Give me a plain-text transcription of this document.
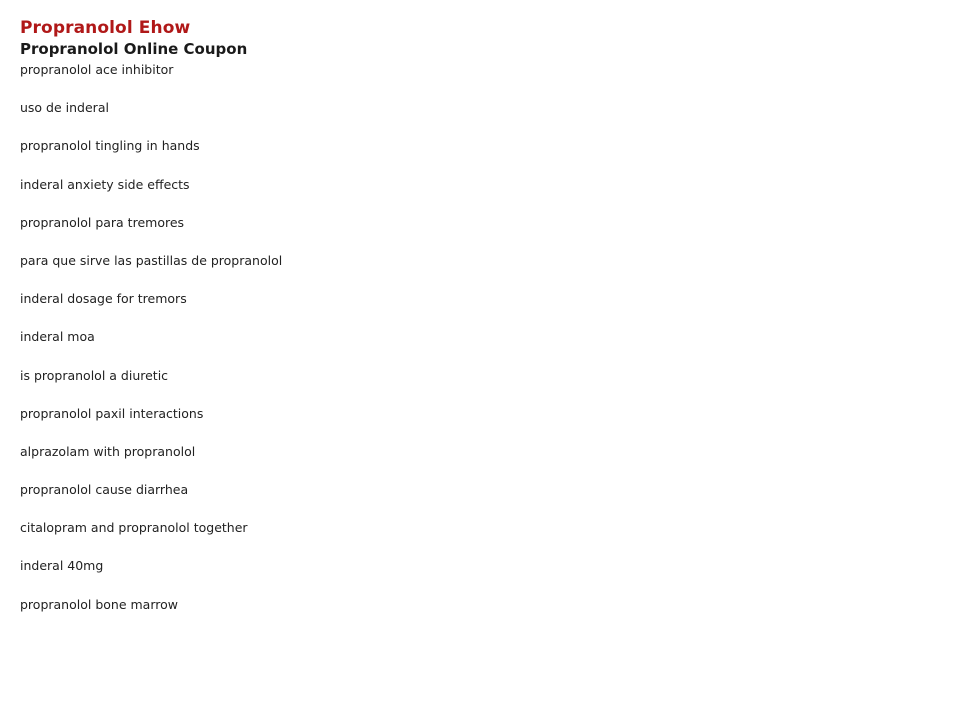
Propranolol Ehow
Propranolol Online Coupon
propranolol ace inhibitor
uso de inderal
propranolol tingling in hands
inderal anxiety side effects
propranolol para tremores
para que sirve las pastillas de propranolol
inderal dosage for tremors
inderal moa
is propranolol a diuretic
propranolol paxil interactions
alprazolam with propranolol
propranolol cause diarrhea
citalopram and propranolol together
inderal 40mg
propranolol bone marrow
